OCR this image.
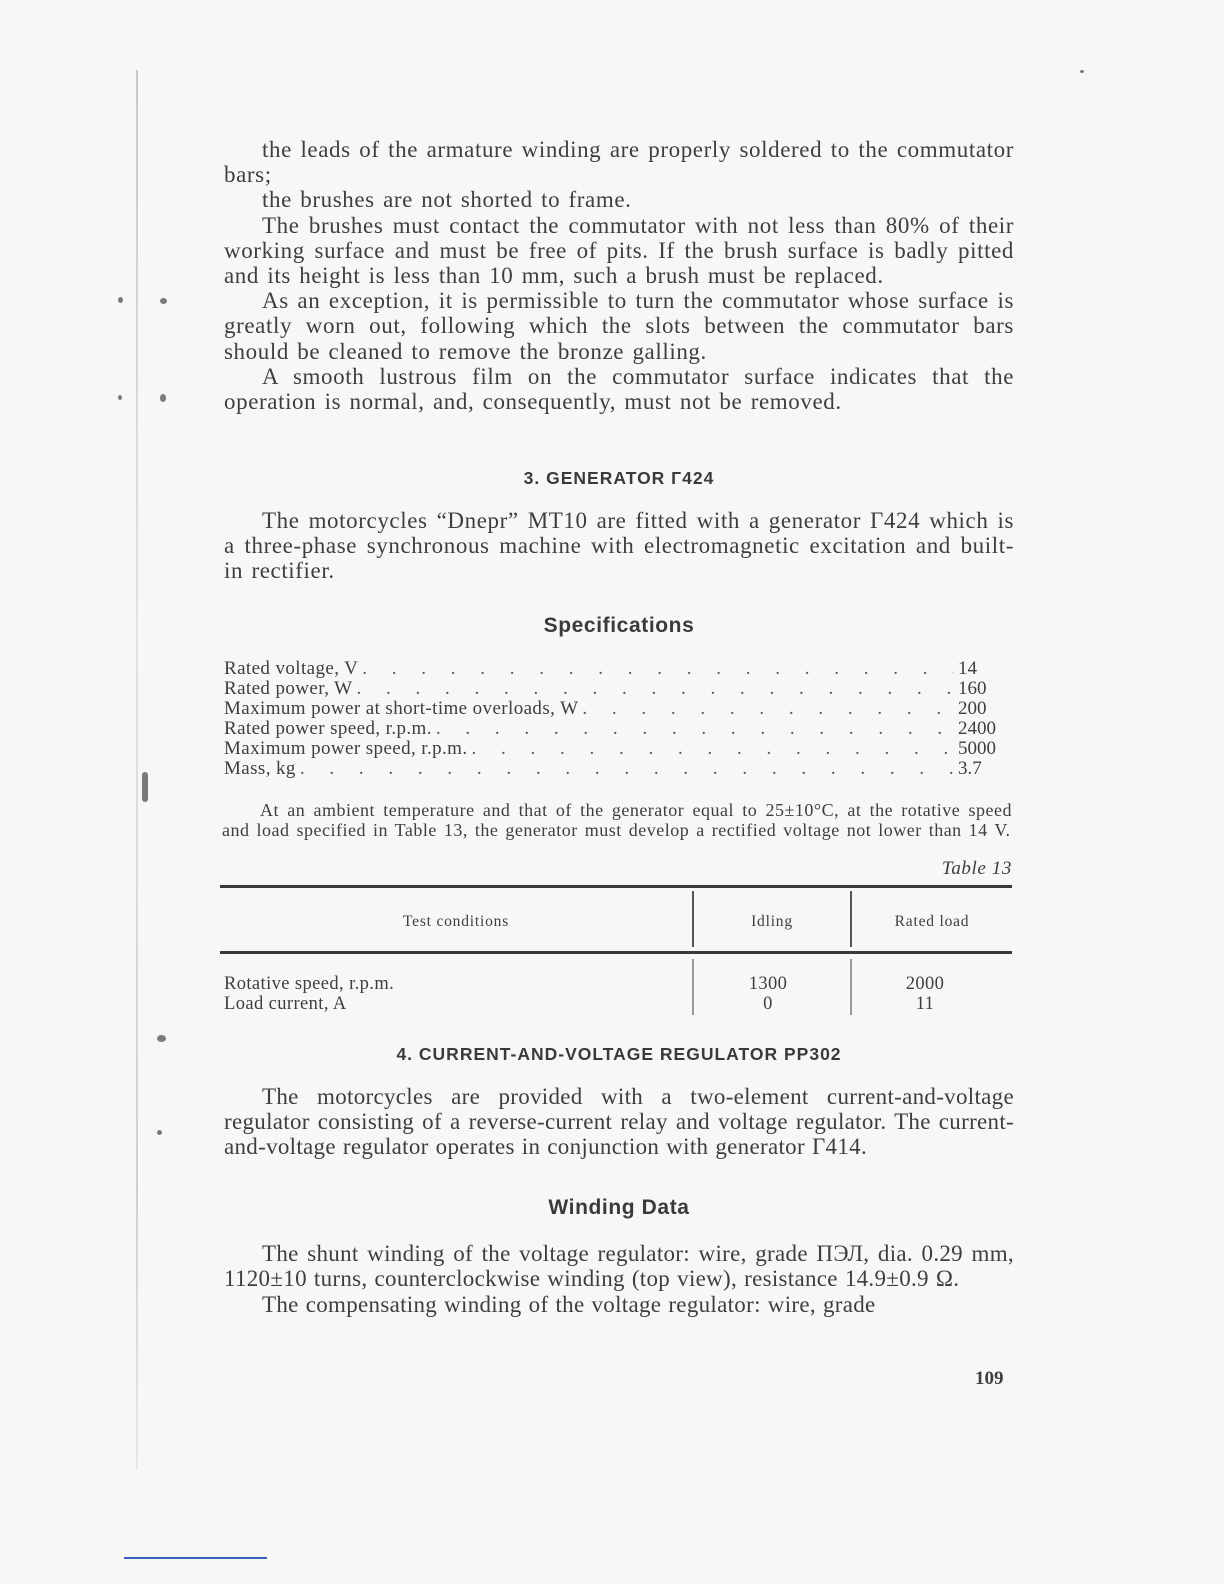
the leads of the armature winding are properly soldered to the commutator bars;

the brushes are not shorted to frame.

The brushes must contact the commutator with not less than 80% of their working surface and must be free of pits. If the brush surface is badly pitted and its height is less than 10 mm, such a brush must be replaced.

As an exception, it is permissible to turn the commutator whose surface is greatly worn out, following which the slots between the commutator bars should be cleaned to remove the bronze galling.

A smooth lustrous film on the commutator surface indicates that the operation is normal, and, consequently, must not be removed.

3. GENERATOR Г424

The motorcycles “Dnepr” MT10 are fitted with a generator Г424 which is a three-phase synchronous machine with electromagnetic excitation and built-in rectifier.

Specifications
Rated voltage, V . . .	14
Rated power, W . . .	160
Maximum power at short-time overloads, W . . .	200
Rated power speed, r.p.m. . . .	2400
Maximum power speed, r.p.m. . . .	5000
Mass, kg . . .	3.7

At an ambient temperature and that of the generator equal to 25±10°C, at the rotative speed and load specified in Table 13, the generator must develop a rectified voltage not lower than 14 V.

Table 13
Test conditions	Idling	Rated load
Rotative speed, r.p.m.	1300	2000
Load current, A	0	11
4. CURRENT-AND-VOLTAGE REGULATOR PP302

The motorcycles are provided with a two-element current-and-voltage regulator consisting of a reverse-current relay and voltage regulator. The current-and-voltage regulator operates in conjunction with generator Г414.

Winding Data

The shunt winding of the voltage regulator: wire, grade ПЭЛ, dia. 0.29 mm, 1120±10 turns, counterclockwise winding (top view), resistance 14.9±0.9 Ω.

The compensating winding of the voltage regulator: wire, grade

109
